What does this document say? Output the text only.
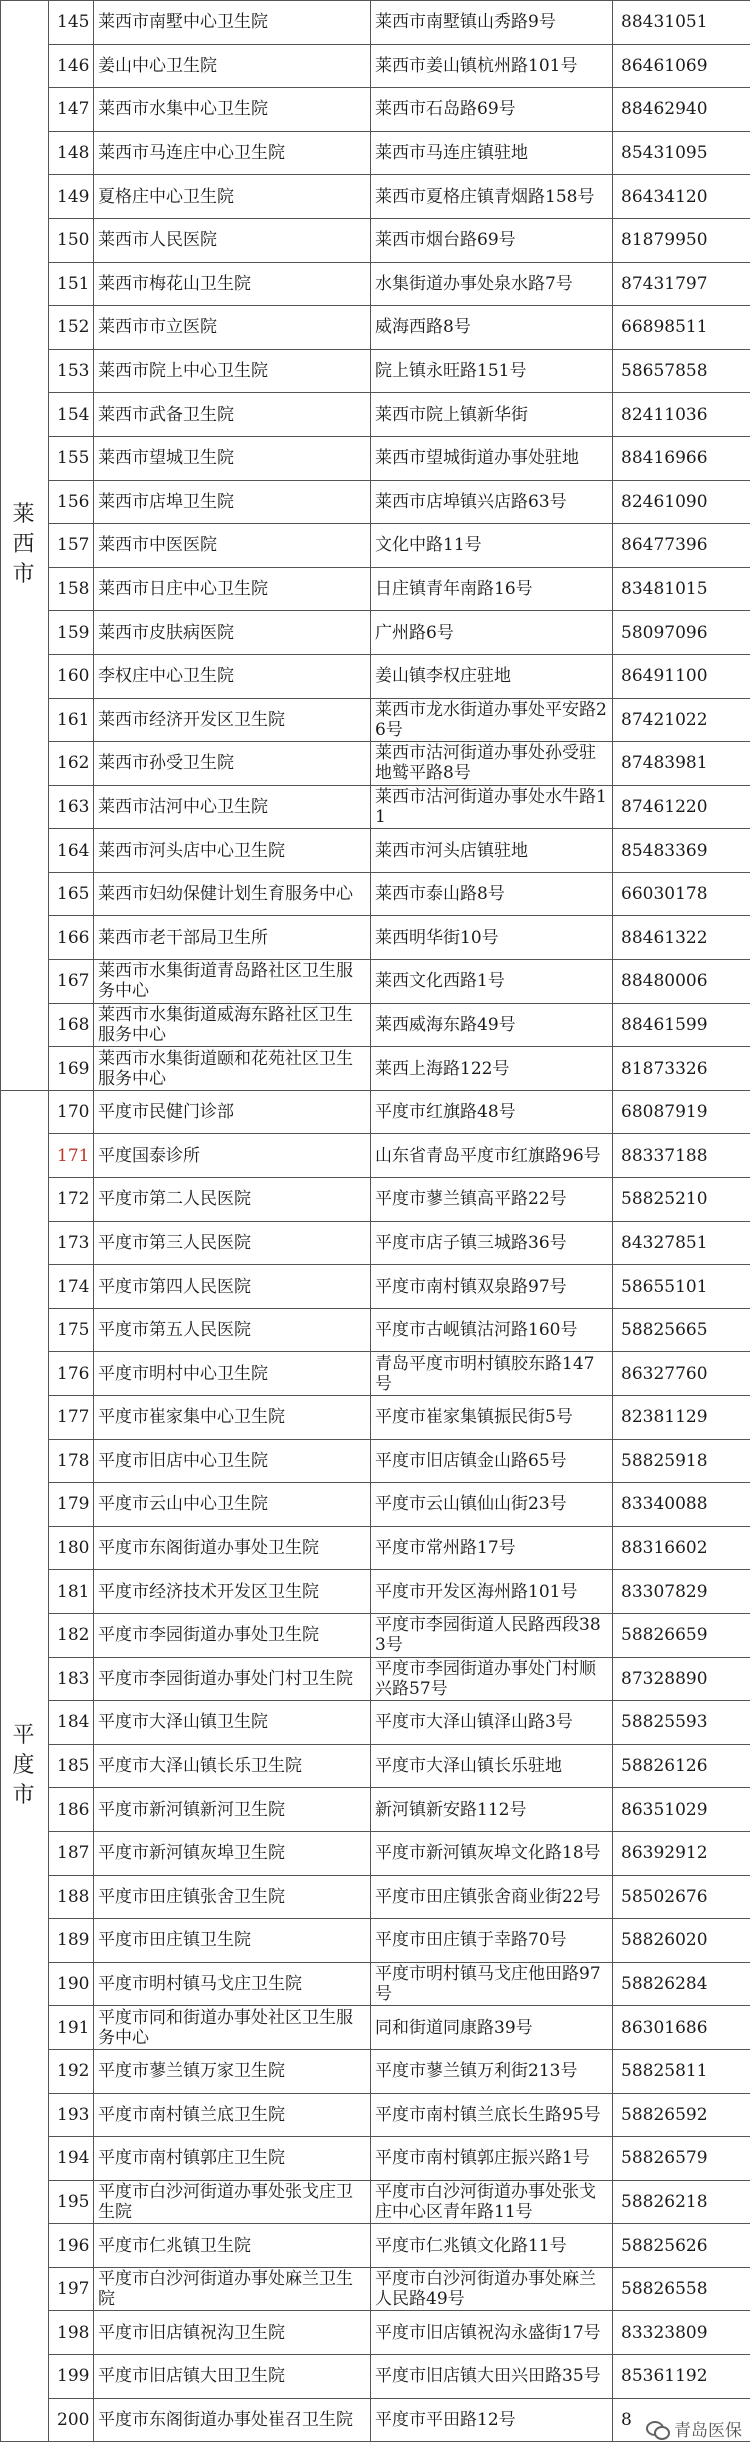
莱西市	145	莱西市南墅中心卫生院	莱西市南墅镇山秀路9号	88431051
	146	姜山中心卫生院	莱西市姜山镇杭州路101号	86461069
	147	莱西市水集中心卫生院	莱西市石岛路69号	88462940
	148	莱西市马连庄中心卫生院	莱西市马连庄镇驻地	85431095
	149	夏格庄中心卫生院	莱西市夏格庄镇青烟路158号	86434120
	150	莱西市人民医院	莱西市烟台路69号	81879950
	151	莱西市梅花山卫生院	水集街道办事处泉水路7号	87431797
	152	莱西市市立医院	威海西路8号	66898511
	153	莱西市院上中心卫生院	院上镇永旺路151号	58657858
	154	莱西市武备卫生院	莱西市院上镇新华街	82411036
	155	莱西市望城卫生院	莱西市望城街道办事处驻地	88416966
	156	莱西市店埠卫生院	莱西市店埠镇兴店路63号	82461090
	157	莱西市中医医院	文化中路11号	86477396
	158	莱西市日庄中心卫生院	日庄镇青年南路16号	83481015
	159	莱西市皮肤病医院	广州路6号	58097096
	160	李权庄中心卫生院	姜山镇李权庄驻地	86491100
	161	莱西市经济开发区卫生院	莱西市龙水街道办事处平安路26号	87421022
	162	莱西市孙受卫生院	莱西市沽河街道办事处孙受驻地鹫平路8号	87483981
	163	莱西市沽河中心卫生院	莱西市沽河街道办事处水牛路11	87461220
	164	莱西市河头店中心卫生院	莱西市河头店镇驻地	85483369
	165	莱西市妇幼保健计划生育服务中心	莱西市泰山路8号	66030178
	166	莱西市老干部局卫生所	莱西明华街10号	88461322
	167	莱西市水集街道青岛路社区卫生服务中心	莱西文化西路1号	88480006
	168	莱西市水集街道威海东路社区卫生服务中心	莱西威海东路49号	88461599
	169	莱西市水集街道颐和花苑社区卫生服务中心	莱西上海路122号	81873326
平度市	170	平度市民健门诊部	平度市红旗路48号	68087919
	171	平度国泰诊所	山东省青岛平度市红旗路96号	88337188
	172	平度市第二人民医院	平度市蓼兰镇高平路22号	58825210
	173	平度市第三人民医院	平度市店子镇三城路36号	84327851
	174	平度市第四人民医院	平度市南村镇双泉路97号	58655101
	175	平度市第五人民医院	平度市古岘镇沽河路160号	58825665
	176	平度市明村中心卫生院	青岛平度市明村镇胶东路147号	86327760
	177	平度市崔家集中心卫生院	平度市崔家集镇振民街5号	82381129
	178	平度市旧店中心卫生院	平度市旧店镇金山路65号	58825918
	179	平度市云山中心卫生院	平度市云山镇仙山街23号	83340088
	180	平度市东阁街道办事处卫生院	平度市常州路17号	88316602
	181	平度市经济技术开发区卫生院	平度市开发区海州路101号	83307829
	182	平度市李园街道办事处卫生院	平度市李园街道人民路西段383号	58826659
	183	平度市李园街道办事处门村卫生院	平度市李园街道办事处门村顺兴路57号	87328890
	184	平度市大泽山镇卫生院	平度市大泽山镇泽山路3号	58825593
	185	平度市大泽山镇长乐卫生院	平度市大泽山镇长乐驻地	58826126
	186	平度市新河镇新河卫生院	新河镇新安路112号	86351029
	187	平度市新河镇灰埠卫生院	平度市新河镇灰埠文化路18号	86392912
	188	平度市田庄镇张舍卫生院	平度市田庄镇张舍商业街22号	58502676
	189	平度市田庄镇卫生院	平度市田庄镇于幸路70号	58826020
	190	平度市明村镇马戈庄卫生院	平度市明村镇马戈庄他田路97号	58826284
	191	平度市同和街道办事处社区卫生服务中心	同和街道同康路39号	86301686
	192	平度市蓼兰镇万家卫生院	平度市蓼兰镇万利街213号	58825811
	193	平度市南村镇兰底卫生院	平度市南村镇兰底长生路95号	58826592
	194	平度市南村镇郭庄卫生院	平度市南村镇郭庄振兴路1号	58826579
	195	平度市白沙河街道办事处张戈庄卫生院	平度市白沙河街道办事处张戈庄中心区青年路11号	58826218
	196	平度市仁兆镇卫生院	平度市仁兆镇文化路11号	58825626
	197	平度市白沙河街道办事处麻兰卫生院	平度市白沙河街道办事处麻兰人民路49号	58826558
	198	平度市旧店镇祝沟卫生院	平度市旧店镇祝沟永盛街17号	83323809
	199	平度市旧店镇大田卫生院	平度市旧店镇大田兴田路35号	85361192
	200	平度市东阁街道办事处崔召卫生院	平度市平田路12号	8
青岛医保
